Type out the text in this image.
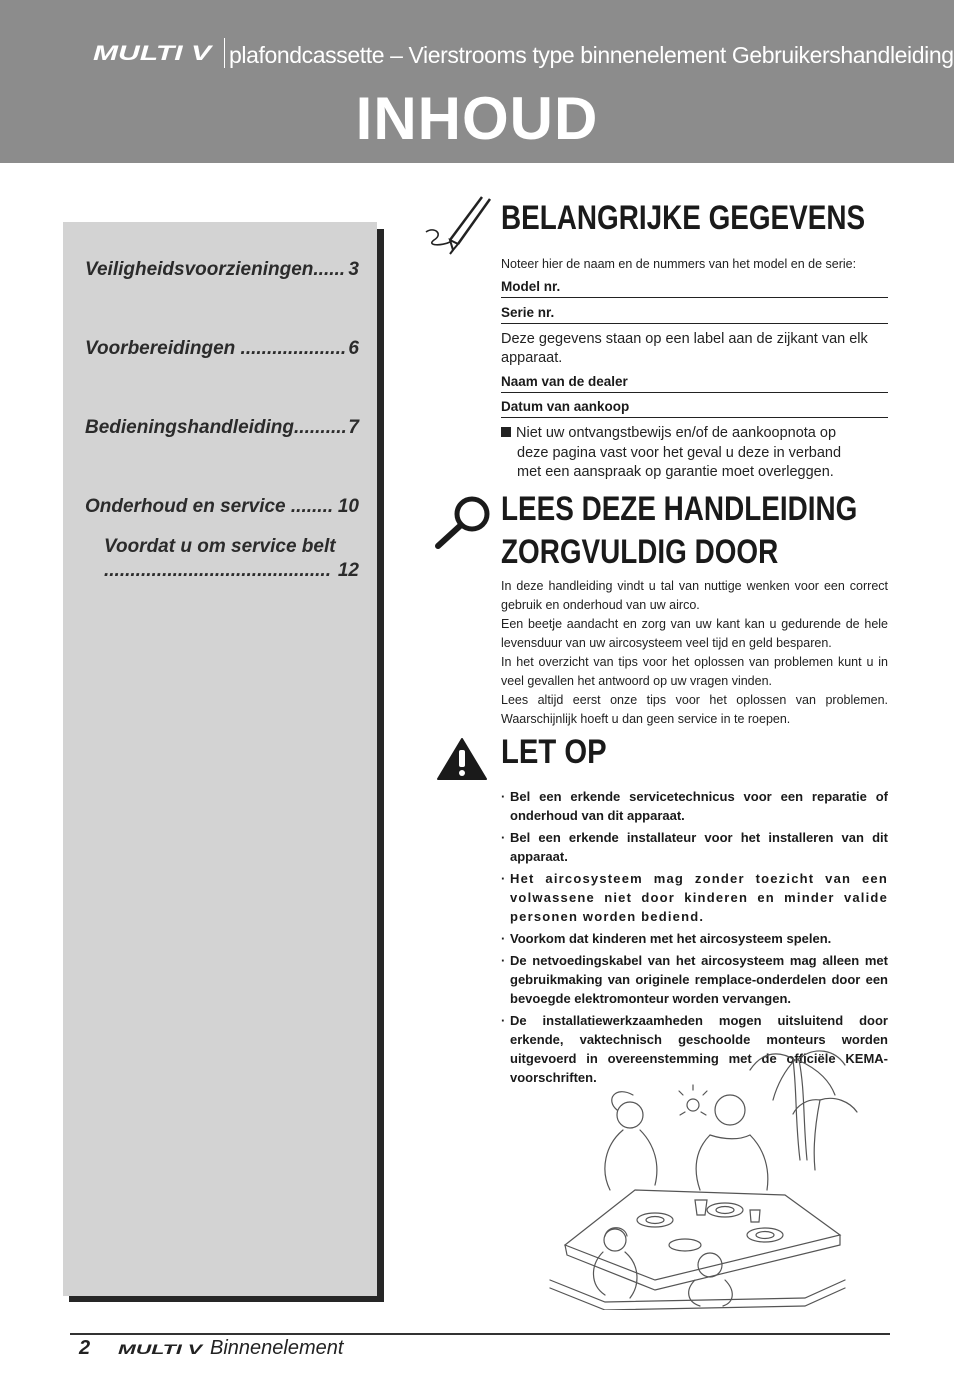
MULTI V plafondcassette – Vierstrooms type binnenelement Gebruikershandleiding
INHOUD
Veiligheidsvoorzieningen...... 3
Voorbereidingen .................... 6
Bedieningshandleiding.......... 7
Onderhoud en service ........ 10
Voordat u om service belt
........................................... 12
BELANGRIJKE GEGEVENS
Noteer hier de naam en de nummers van het model en de serie:
Model nr.
Serie nr.
Deze gegevens staan op een label aan de zijkant van elk apparaat.
Naam van de dealer
Datum van aankoop
Niet uw ontvangstbewijs en/of de aankoopnota op
deze pagina vast voor het geval u deze in verband
met een aanspraak op garantie moet overleggen.
LEES DEZE HANDLEIDING
ZORGVULDIG DOOR

In deze handleiding vindt u tal van nuttige wenken voor een correct gebruik en onderhoud van uw airco.

Een beetje aandacht en zorg van uw kant kan u gedurende de hele levensduur van uw aircosysteem veel tijd en geld besparen.

In het overzicht van tips voor het oplossen van problemen kunt u in veel gevallen het antwoord op uw vragen vinden.

Lees altijd eerst onze tips voor het oplossen van problemen. Waarschijnlijk hoeft u dan geen service in te roepen.

LET OP
· Bel een erkende servicetechnicus voor een reparatie of onderhoud van dit apparaat.
· Bel een erkende installateur voor het installeren van dit apparaat.
· Het aircosysteem mag zonder toezicht van een volwassene niet door kinderen en minder valide personen worden bediend.
· Voorkom dat kinderen met het aircosysteem spelen.
· De netvoedingskabel van het aircosysteem mag alleen met gebruikmaking van originele remplace-onderdelen door een bevoegde elektromonteur worden vervangen.
· De installatiewerkzaamheden mogen uitsluitend door erkende, vaktechnisch geschoolde monteurs worden uitgevoerd in overeenstemming met de officiële KEMA-voorschriften.
2 MULTI V Binnenelement
